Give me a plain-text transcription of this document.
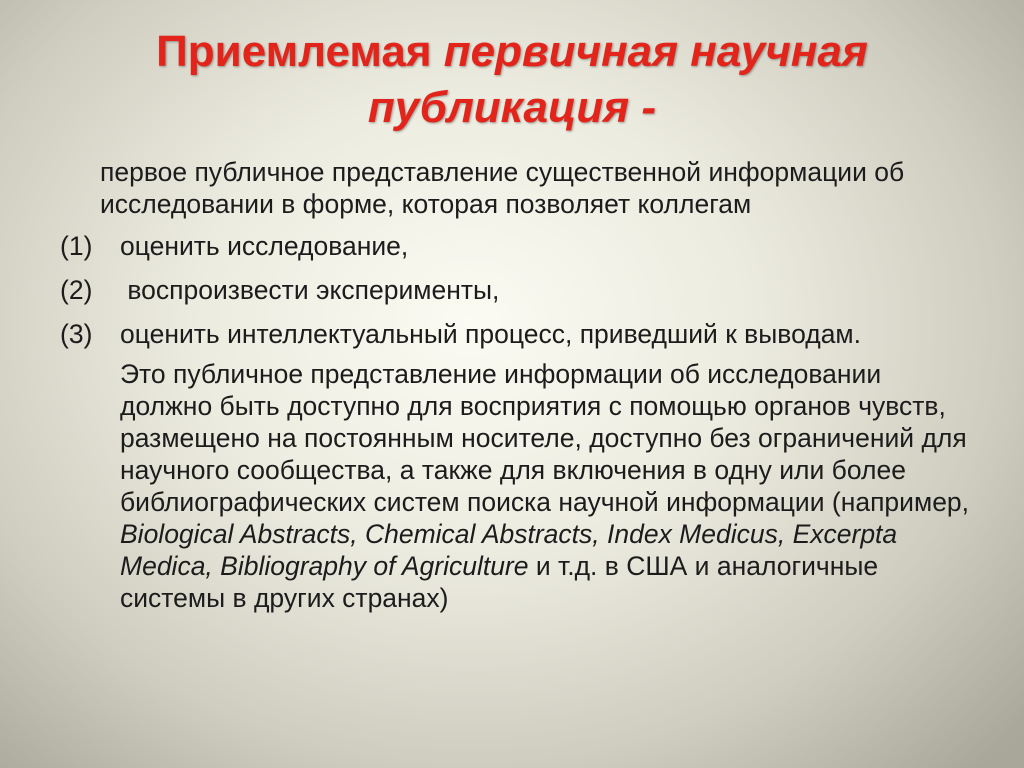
Приемлемая первичная научная публикация -

первое публичное представление существенной информации об исследовании в форме, которая позволяет коллегам

(1)	оценить исследование,
(2)	воспроизвести эксперименты,
(3)	оценить интеллектуальный процесс, приведший к выводам.

Это публичное представление информации об исследовании должно быть доступно для восприятия с помощью органов чувств, размещено на постоянным носителе, доступно без ограничений для научного сообщества, а также для включения в одну или более библиографических систем поиска научной информации (например, Biological Abstracts, Chemical Abstracts, Index Medicus, Excerpta Medica, Bibliography of Agriculture и т.д. в США и аналогичные системы в других странах)
